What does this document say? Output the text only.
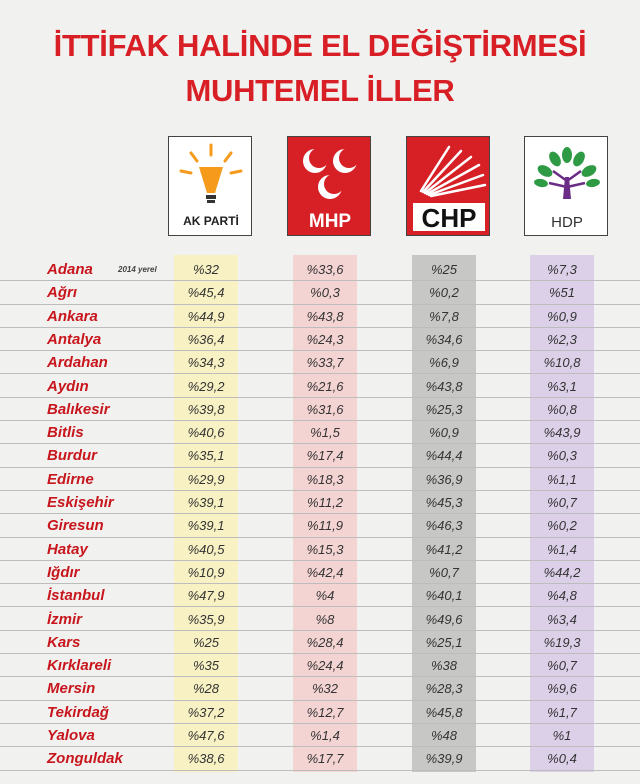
İTTİFAK HALİNDE EL DEĞİŞTİRMESİ
MUHTEMEL İLLER
AK PARTİ	MHP	CHP	HDP
Adana	2014 yerel	%32	%33,6	%25	%7,3
Ağrı	%45,4	%0,3	%0,2	%51
Ankara	%44,9	%43,8	%7,8	%0,9
Antalya	%36,4	%24,3	%34,6	%2,3
Ardahan	%34,3	%33,7	%6,9	%10,8
Aydın	%29,2	%21,6	%43,8	%3,1
Balıkesir	%39,8	%31,6	%25,3	%0,8
Bitlis	%40,6	%1,5	%0,9	%43,9
Burdur	%35,1	%17,4	%44,4	%0,3
Edirne	%29,9	%18,3	%36,9	%1,1
Eskişehir	%39,1	%11,2	%45,3	%0,7
Giresun	%39,1	%11,9	%46,3	%0,2
Hatay	%40,5	%15,3	%41,2	%1,4
Iğdır	%10,9	%42,4	%0,7	%44,2
İstanbul	%47,9	%4	%40,1	%4,8
İzmir	%35,9	%8	%49,6	%3,4
Kars	%25	%28,4	%25,1	%19,3
Kırklareli	%35	%24,4	%38	%0,7
Mersin	%28	%32	%28,3	%9,6
Tekirdağ	%37,2	%12,7	%45,8	%1,7
Yalova	%47,6	%1,4	%48	%1
Zonguldak	%38,6	%17,7	%39,9	%0,4
